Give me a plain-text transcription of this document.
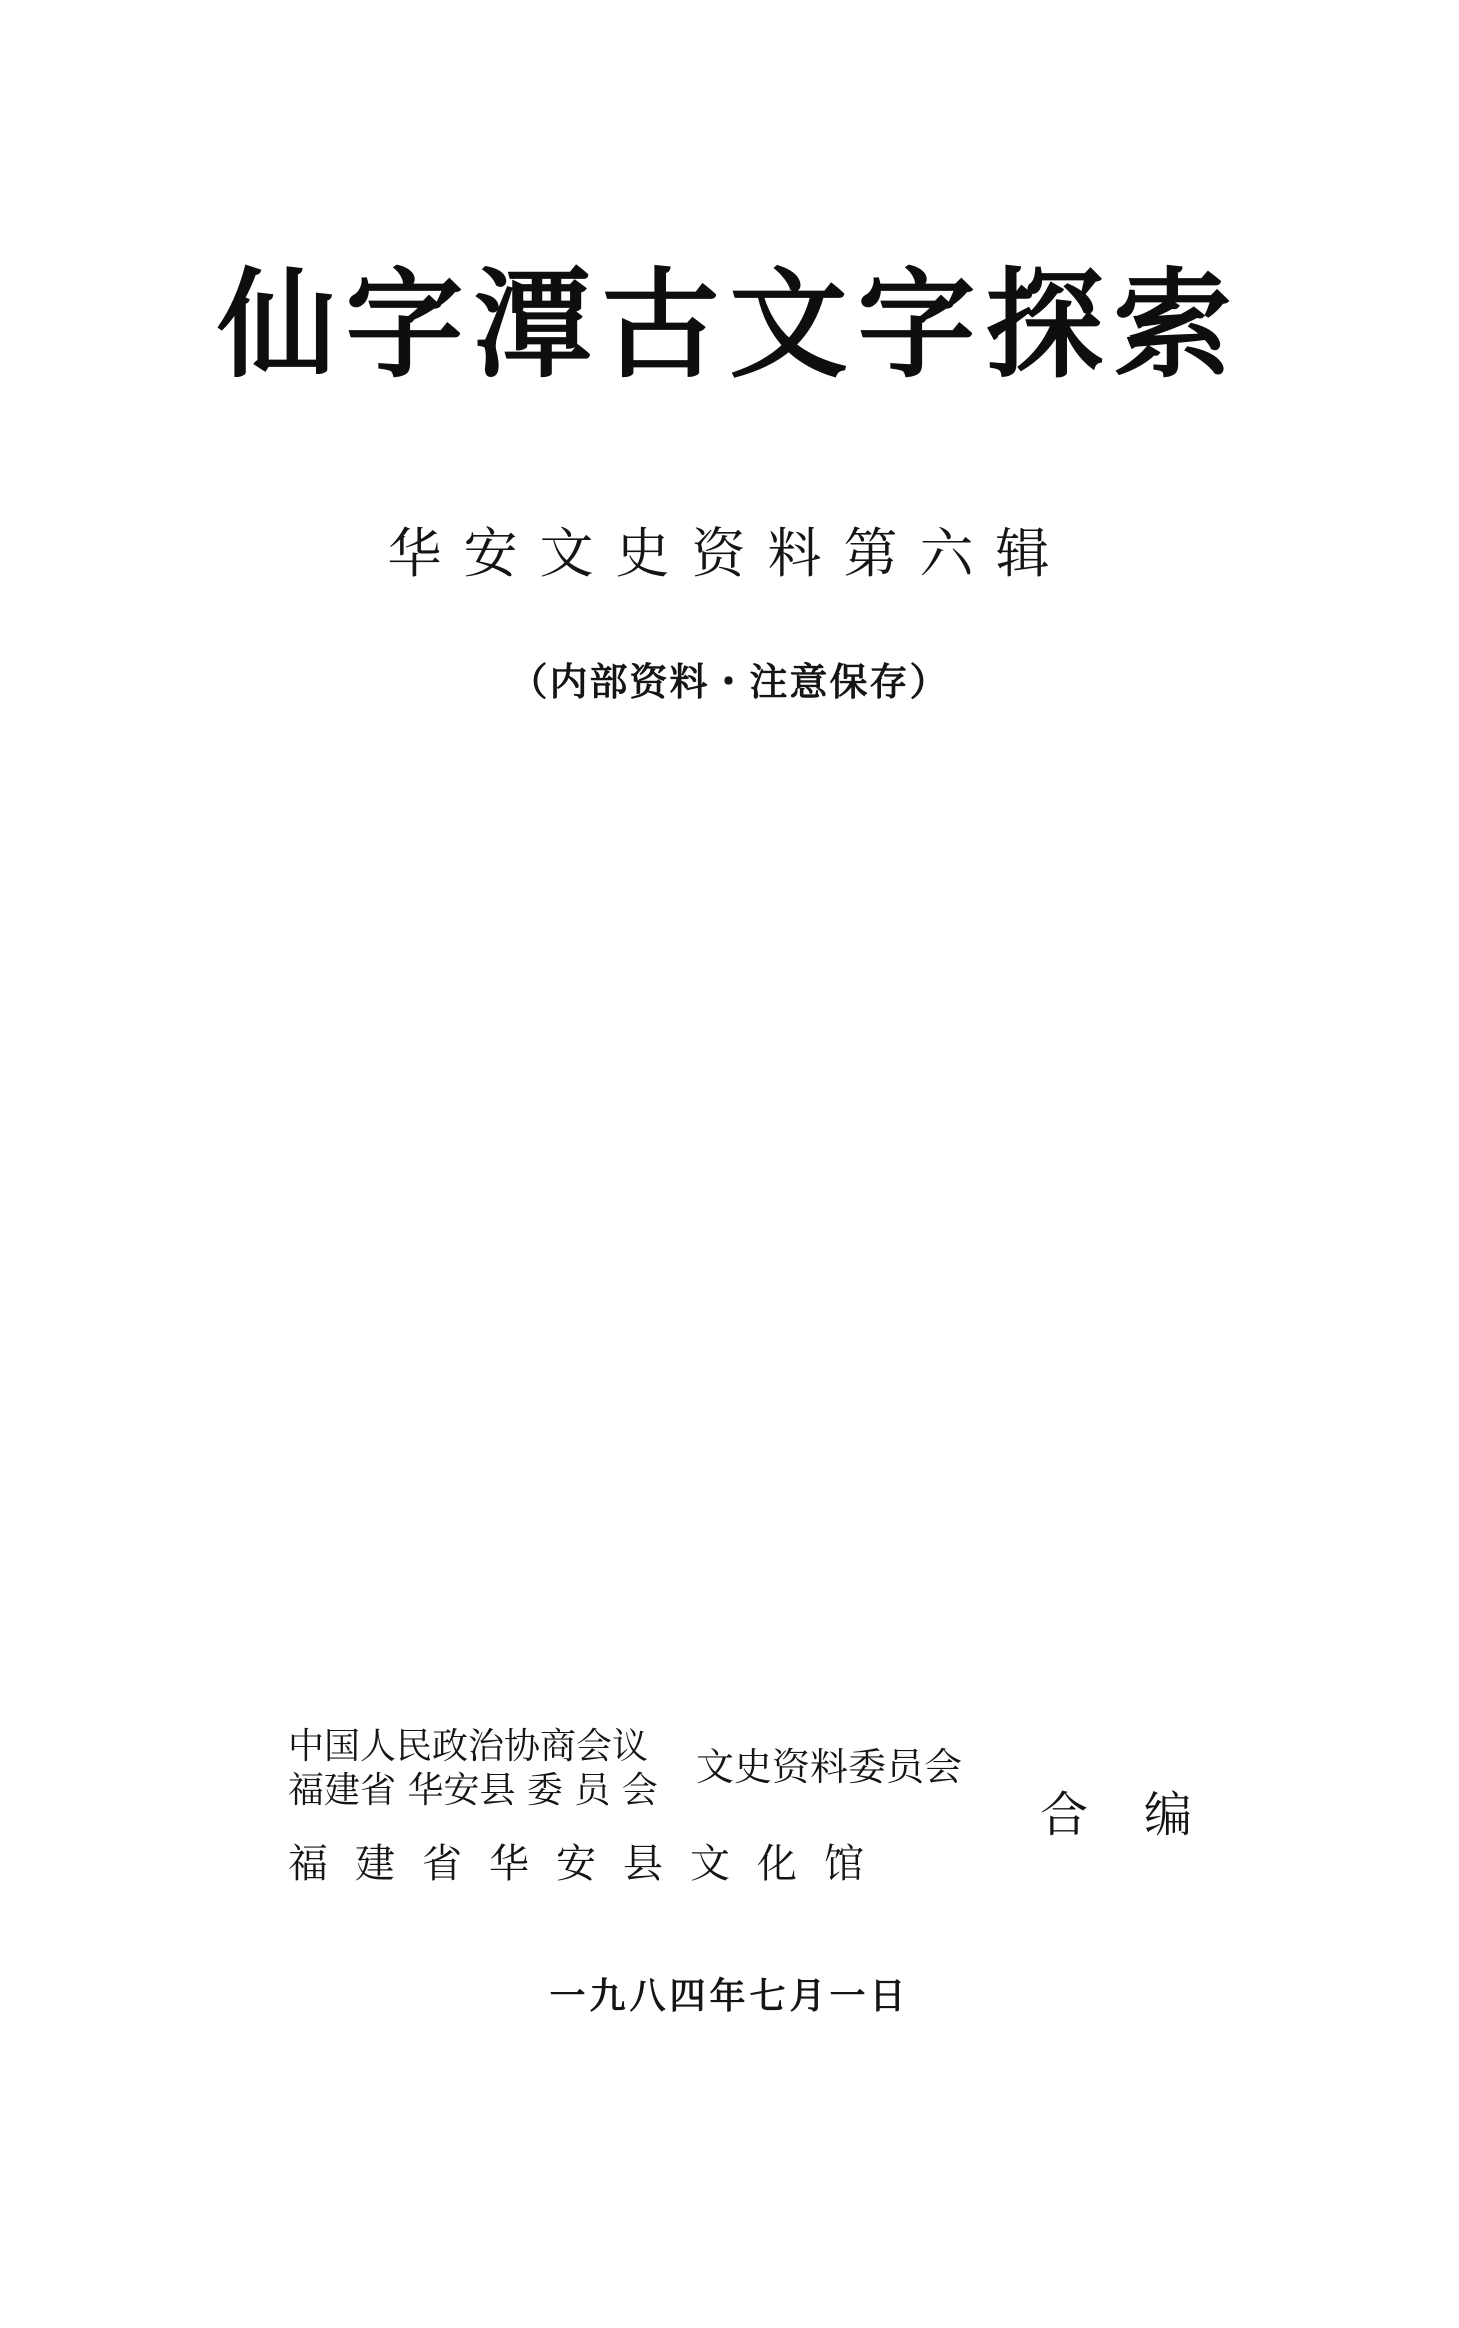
仙字潭古文字探索
华安文史资料第六辑
（内部资料・注意保存）
中国人民政治协商会议
福建省 华安县 委 员 会
文史资料委员会
福建省华安县文化馆
合编
一九八四年七月一日
